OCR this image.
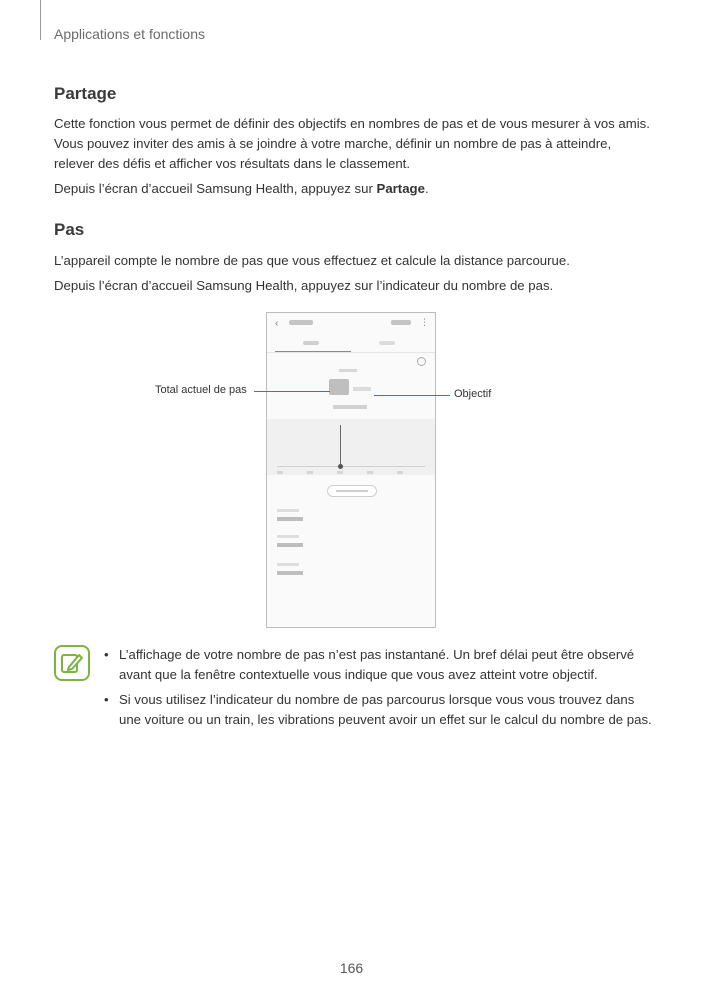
Applications et fonctions
Partage
Cette fonction vous permet de définir des objectifs en nombres de pas et de vous mesurer à vos amis. Vous pouvez inviter des amis à se joindre à votre marche, définir un nombre de pas à atteindre, relever des défis et afficher vos résultats dans le classement.
Depuis l’écran d’accueil Samsung Health, appuyez sur Partage.
Pas
L’appareil compte le nombre de pas que vous effectuez et calcule la distance parcourue.
Depuis l’écran d’accueil Samsung Health, appuyez sur l’indicateur du nombre de pas.
‹	⋮
Total actuel de pas	Objectif
• L’affichage de votre nombre de pas n’est pas instantané. Un bref délai peut être observé avant que la fenêtre contextuelle vous indique que vous avez atteint votre objectif.
• Si vous utilisez l’indicateur du nombre de pas parcourus lorsque vous vous trouvez dans une voiture ou un train, les vibrations peuvent avoir un effet sur le calcul du nombre de pas.
166
